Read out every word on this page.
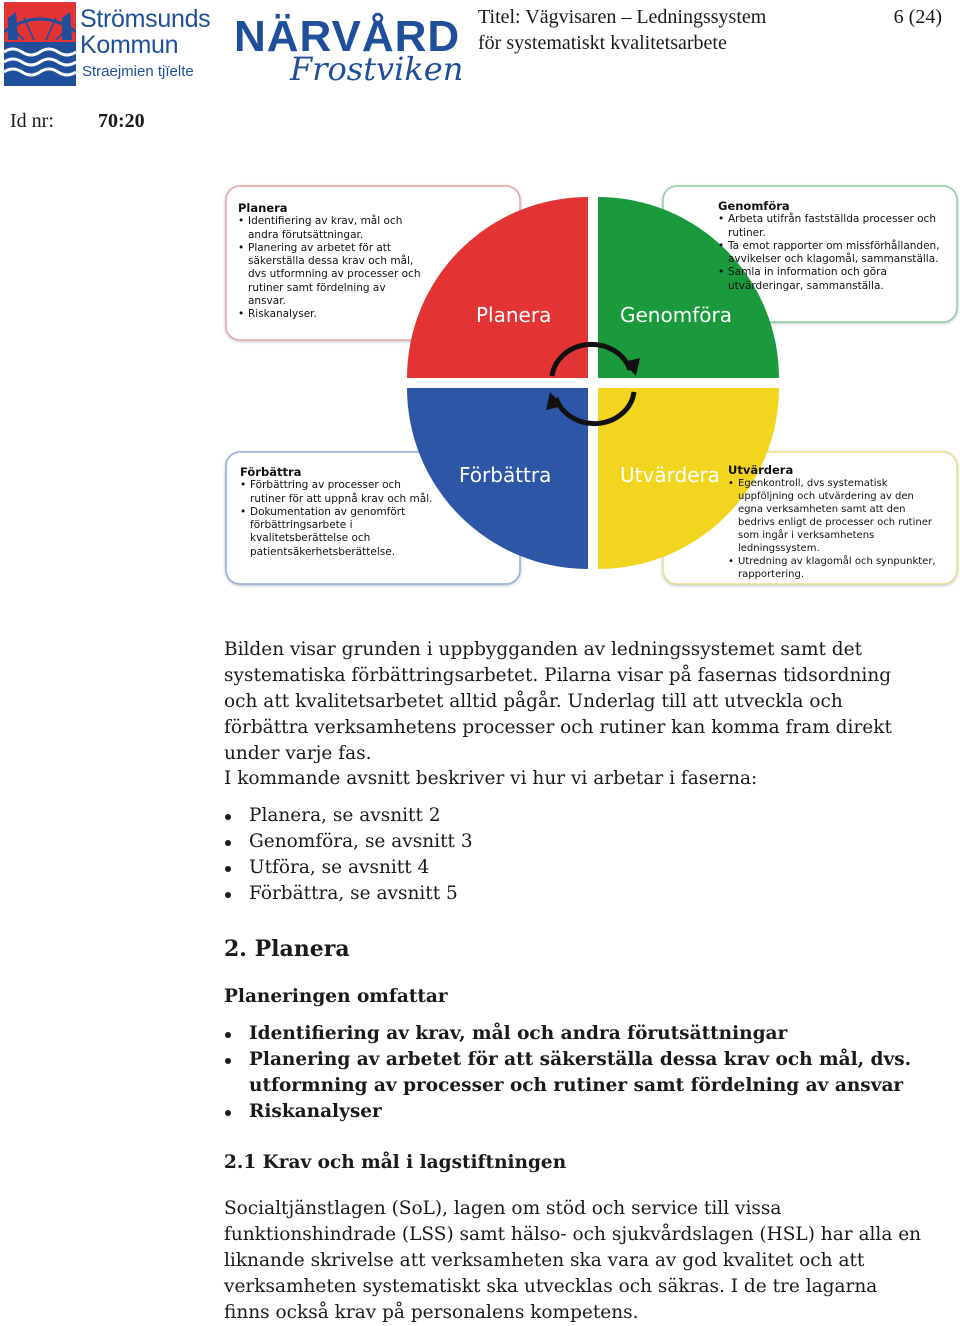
Strömsunds
Kommun
Straejmien tjïelte
NÄRVÅRD
Frostviken
Titel: Vägvisaren – Ledningssystem
för systematiskt kvalitetsarbete
6 (24)
Id nr: 70:20
Planera	Genomföra
Förbättra	Utvärdera
Planera
• Identifiering av krav, mål och andra förutsättningar.
• Planering av arbetet för att säkerställa dessa krav och mål, dvs utformning av processer och rutiner samt fördelning av ansvar.
• Riskanalyser.
Genomföra
• Arbeta utifrån fastställda processer och rutiner.
• Ta emot rapporter om missförhållanden, avvikelser och klagomål, sammanställa.
• Samla in information och göra utvärderingar, sammanställa.
Förbättra
• Förbättring av processer och rutiner för att uppnå krav och mål.
• Dokumentation av genomfört förbättringsarbete i kvalitetsberättelse och patientsäkerhetsberättelse.
Utvärdera
• Egenkontroll, dvs systematisk uppföljning och utvärdering av den egna verksamheten samt att den bedrivs enligt de processer och rutiner som ingår i verksamhetens ledningssystem.
• Utredning av klagomål och synpunkter, rapportering.
Bilden visar grunden i uppbygganden av ledningssystemet samt det systematiska förbättringsarbetet. Pilarna visar på fasernas tidsordning och att kvalitetsarbetet alltid pågår. Underlag till att utveckla och förbättra verksamhetens processer och rutiner kan komma fram direkt under varje fas.
I kommande avsnitt beskriver vi hur vi arbetar i faserna:
Planera, se avsnitt 2
Genomföra, se avsnitt 3
Utföra, se avsnitt 4
Förbättra, se avsnitt 5
2. Planera
Planeringen omfattar
Identifiering av krav, mål och andra förutsättningar
Planering av arbetet för att säkerställa dessa krav och mål, dvs. utformning av processer och rutiner samt fördelning av ansvar
Riskanalyser
2.1 Krav och mål i lagstiftningen
Socialtjänstlagen (SoL), lagen om stöd och service till vissa funktionshindrade (LSS) samt hälso- och sjukvårdslagen (HSL) har alla en liknande skrivelse att verksamheten ska vara av god kvalitet och att verksamheten systematiskt ska utvecklas och säkras. I de tre lagarna finns också krav på personalens kompetens.
